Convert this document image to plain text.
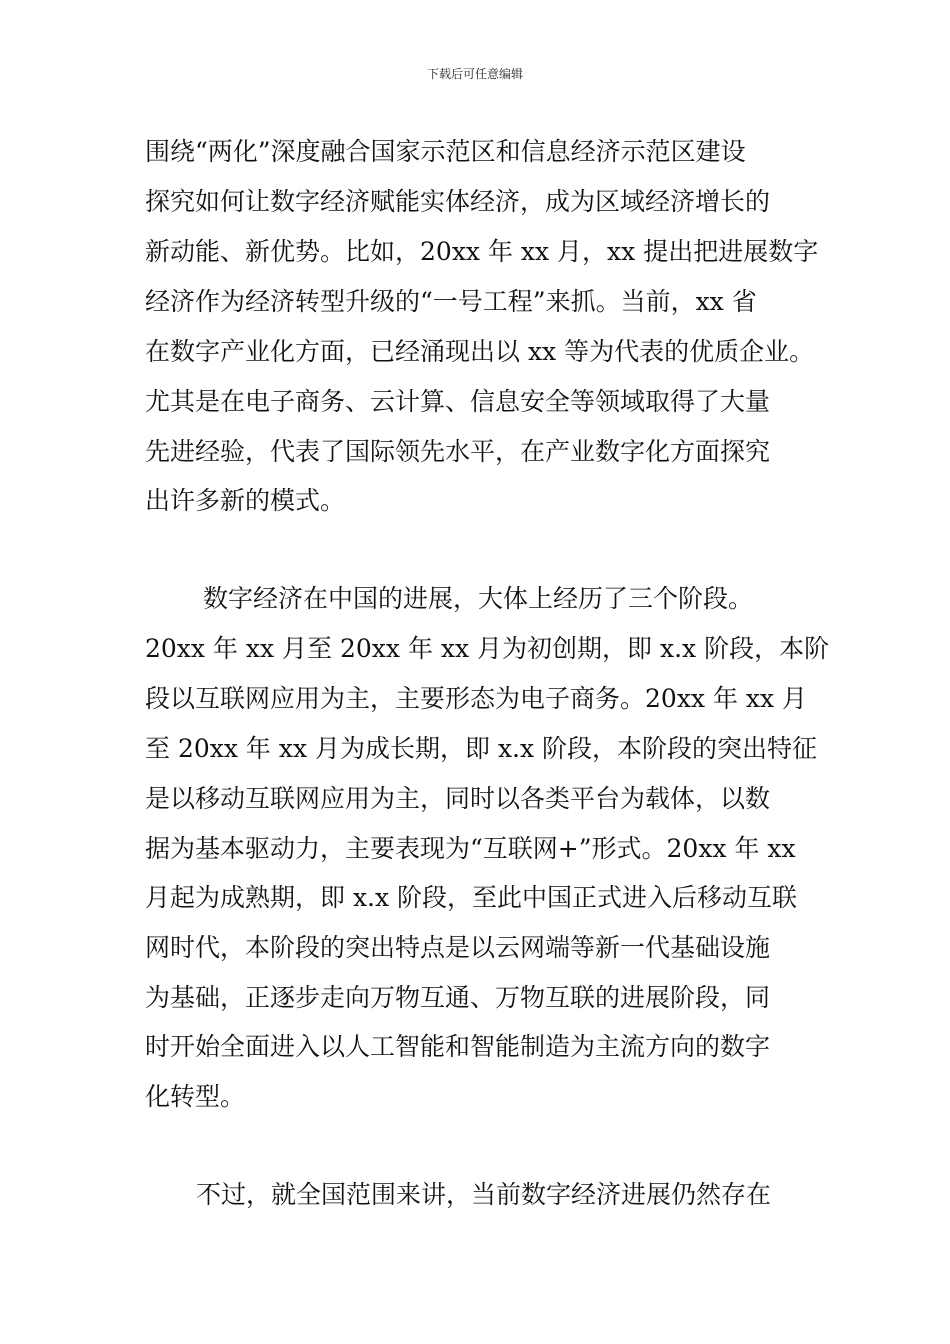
下载后可任意编辑
围绕“两化”深度融合国家示范区和信息经济示范区建设
探究如何让数字经济赋能实体经济，成为区域经济增长的
新动能、新优势。比如，20xx 年 xx 月，xx 提出把进展数字
经济作为经济转型升级的“一号工程”来抓。当前，xx 省
在数字产业化方面，已经涌现出以 xx 等为代表的优质企业。
尤其是在电子商务、云计算、信息安全等领域取得了大量
先进经验，代表了国际领先水平，在产业数字化方面探究
出许多新的模式。
数字经济在中国的进展，大体上经历了三个阶段。
20xx 年 xx 月至 20xx 年 xx 月为初创期，即 x.x 阶段，本阶
段以互联网应用为主，主要形态为电子商务。20xx 年 xx 月
至 20xx 年 xx 月为成长期，即 x.x 阶段，本阶段的突出特征
是以移动互联网应用为主，同时以各类平台为载体，以数
据为基本驱动力，主要表现为“互联网+”形式。20xx 年 xx
月起为成熟期，即 x.x 阶段，至此中国正式进入后移动互联
网时代，本阶段的突出特点是以云网端等新一代基础设施
为基础，正逐步走向万物互通、万物互联的进展阶段，同
时开始全面进入以人工智能和智能制造为主流方向的数字
化转型。
不过，就全国范围来讲，当前数字经济进展仍然存在
